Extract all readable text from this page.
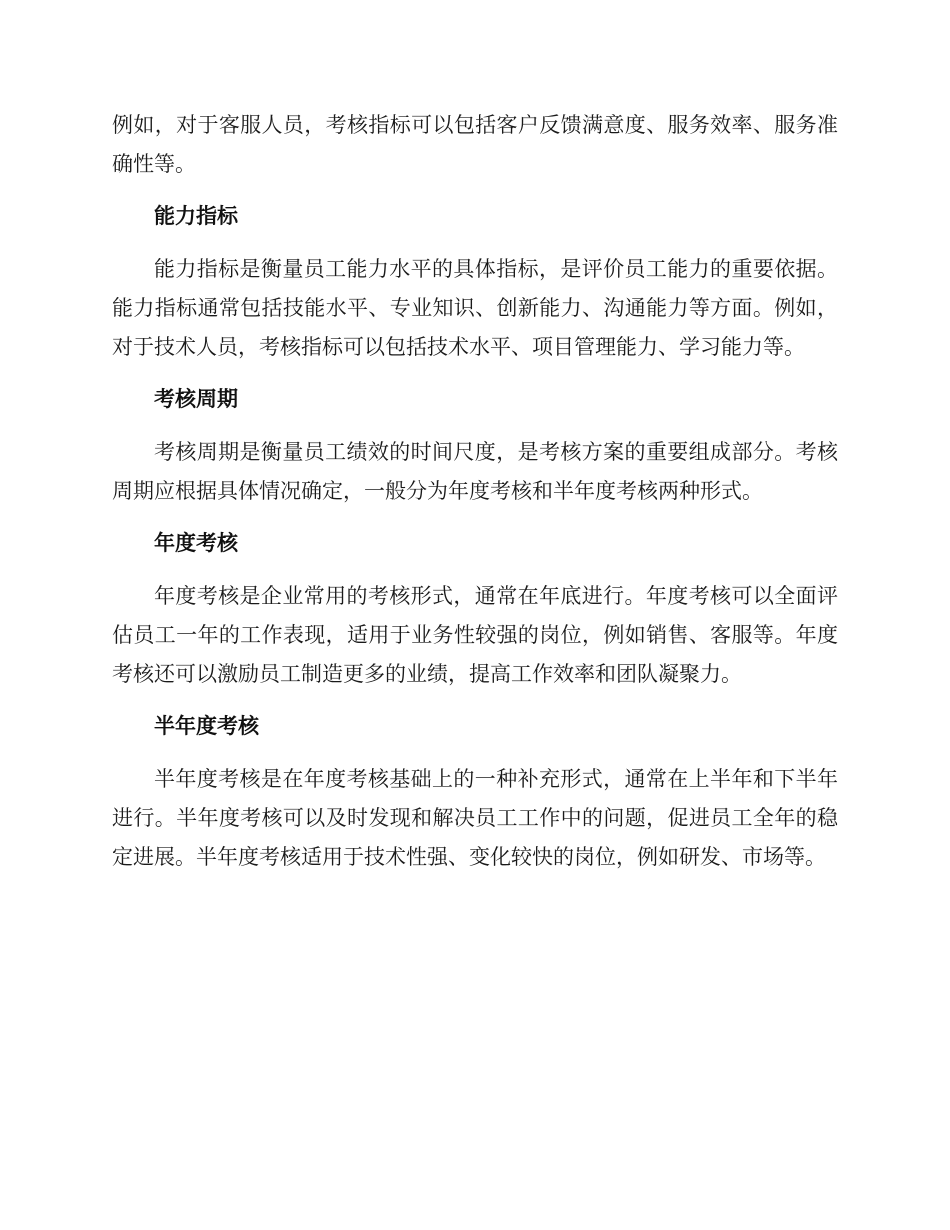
例如，对于客服人员，考核指标可以包括客户反馈满意度、服务效率、服务准确性等。

能力指标

能力指标是衡量员工能力水平的具体指标，是评价员工能力的重要依据。能力指标通常包括技能水平、专业知识、创新能力、沟通能力等方面。例如，对于技术人员，考核指标可以包括技术水平、项目管理能力、学习能力等。

考核周期

考核周期是衡量员工绩效的时间尺度，是考核方案的重要组成部分。考核周期应根据具体情况确定，一般分为年度考核和半年度考核两种形式。

年度考核

年度考核是企业常用的考核形式，通常在年底进行。年度考核可以全面评估员工一年的工作表现，适用于业务性较强的岗位，例如销售、客服等。年度考核还可以激励员工制造更多的业绩，提高工作效率和团队凝聚力。

半年度考核

半年度考核是在年度考核基础上的一种补充形式，通常在上半年和下半年进行。半年度考核可以及时发现和解决员工工作中的问题，促进员工全年的稳定进展。半年度考核适用于技术性强、变化较快的岗位，例如研发、市场等。
